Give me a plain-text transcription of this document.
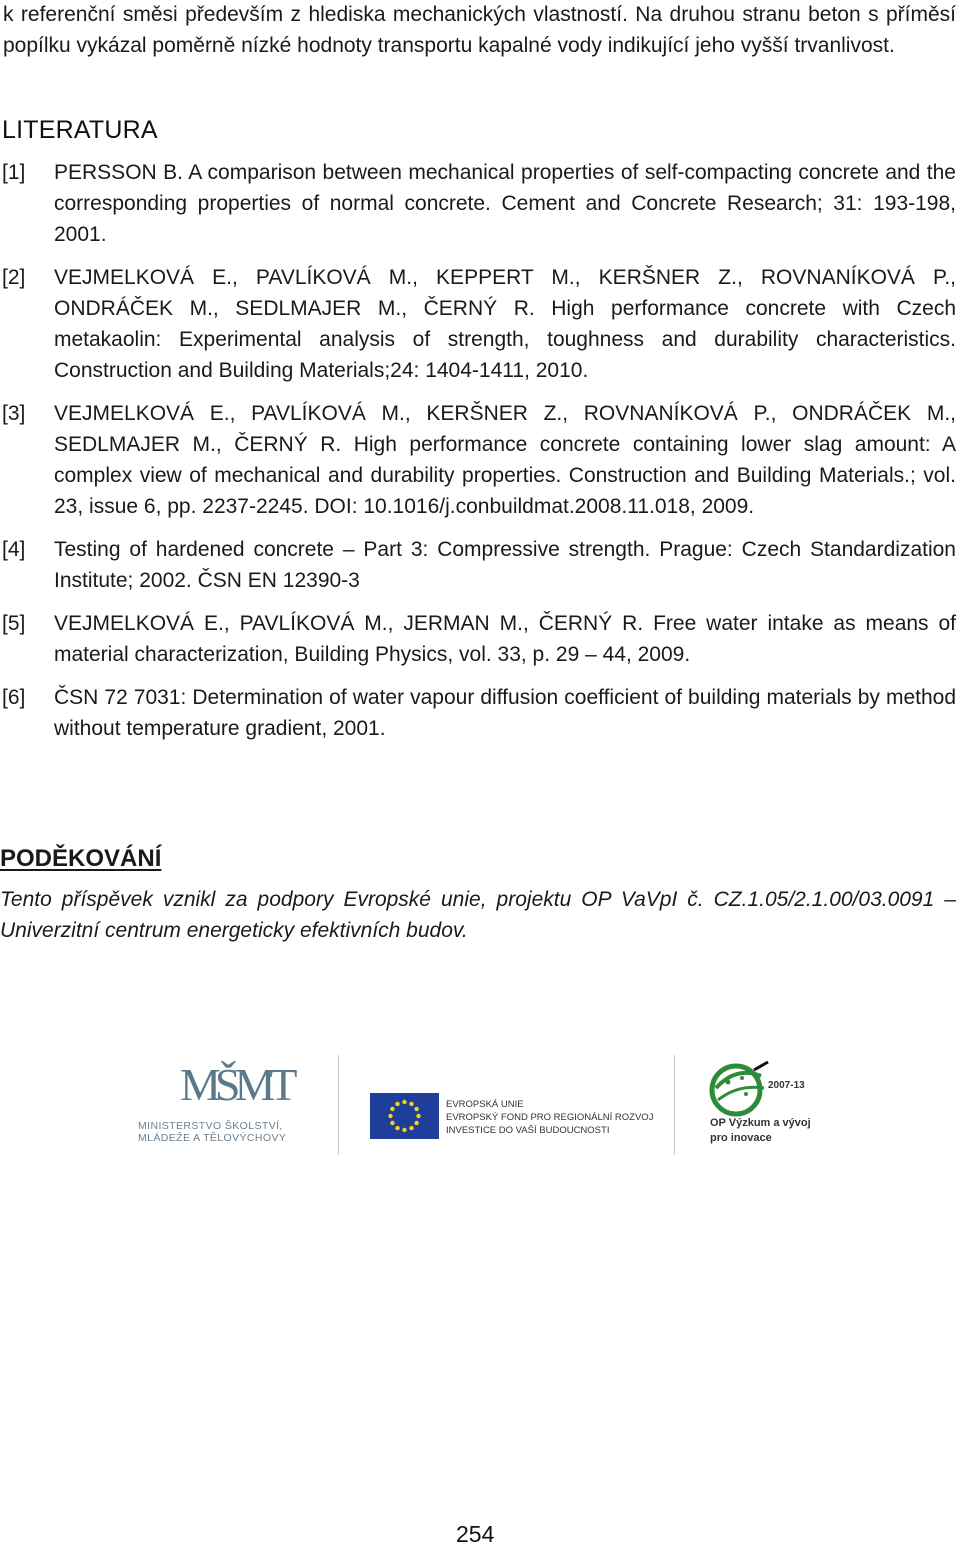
k referenční směsi především z hlediska mechanických vlastností. Na druhou stranu beton s příměsí popílku vykázal poměrně nízké hodnoty transportu kapalné vody indikující jeho vyšší trvanlivost.
LITERATURA
[1] PERSSON B. A comparison between mechanical properties of self-compacting concrete and the corresponding properties of normal concrete. Cement and Concrete Research; 31: 193-198, 2001.
[2] VEJMELKOVÁ E., PAVLÍKOVÁ M., KEPPERT M., KERŠNER Z., ROVNANÍKOVÁ P., ONDRÁČEK M., SEDLMAJER M., ČERNÝ R. High performance concrete with Czech metakaolin: Experimental analysis of strength, toughness and durability characteristics. Construction and Building Materials;24: 1404-1411, 2010.
[3] VEJMELKOVÁ E., PAVLÍKOVÁ M., KERŠNER Z., ROVNANÍKOVÁ P., ONDRÁČEK M., SEDLMAJER M., ČERNÝ R. High performance concrete containing lower slag amount: A complex view of mechanical and durability properties. Construction and Building Materials.; vol. 23, issue 6, pp. 2237-2245. DOI: 10.1016/j.conbuildmat.2008.11.018, 2009.
[4] Testing of hardened concrete – Part 3: Compressive strength. Prague: Czech Standardization Institute; 2002. ČSN EN 12390-3
[5] VEJMELKOVÁ E., PAVLÍKOVÁ M., JERMAN M., ČERNÝ R. Free water intake as means of material characterization, Building Physics, vol. 33, p. 29 – 44, 2009.
[6] ČSN 72 7031: Determination of water vapour diffusion coefficient of building materials by method without temperature gradient, 2001.
PODĚKOVÁNÍ
Tento příspěvek vznikl za podpory Evropské unie, projektu OP VaVpI č. CZ.1.05/2.1.00/03.0091 – Univerzitní centrum energeticky efektivních budov.
MŠMT
MINISTERSTVO ŠKOLSTVÍ,
MLÁDEŽE A TĚLOVÝCHOVY
EVROPSKÁ UNIE
EVROPSKÝ FOND PRO REGIONÁLNÍ ROZVOJ
INVESTICE DO VAŠÍ BUDOUCNOSTI
2007-13
OP Výzkum a vývoj
pro inovace
254
